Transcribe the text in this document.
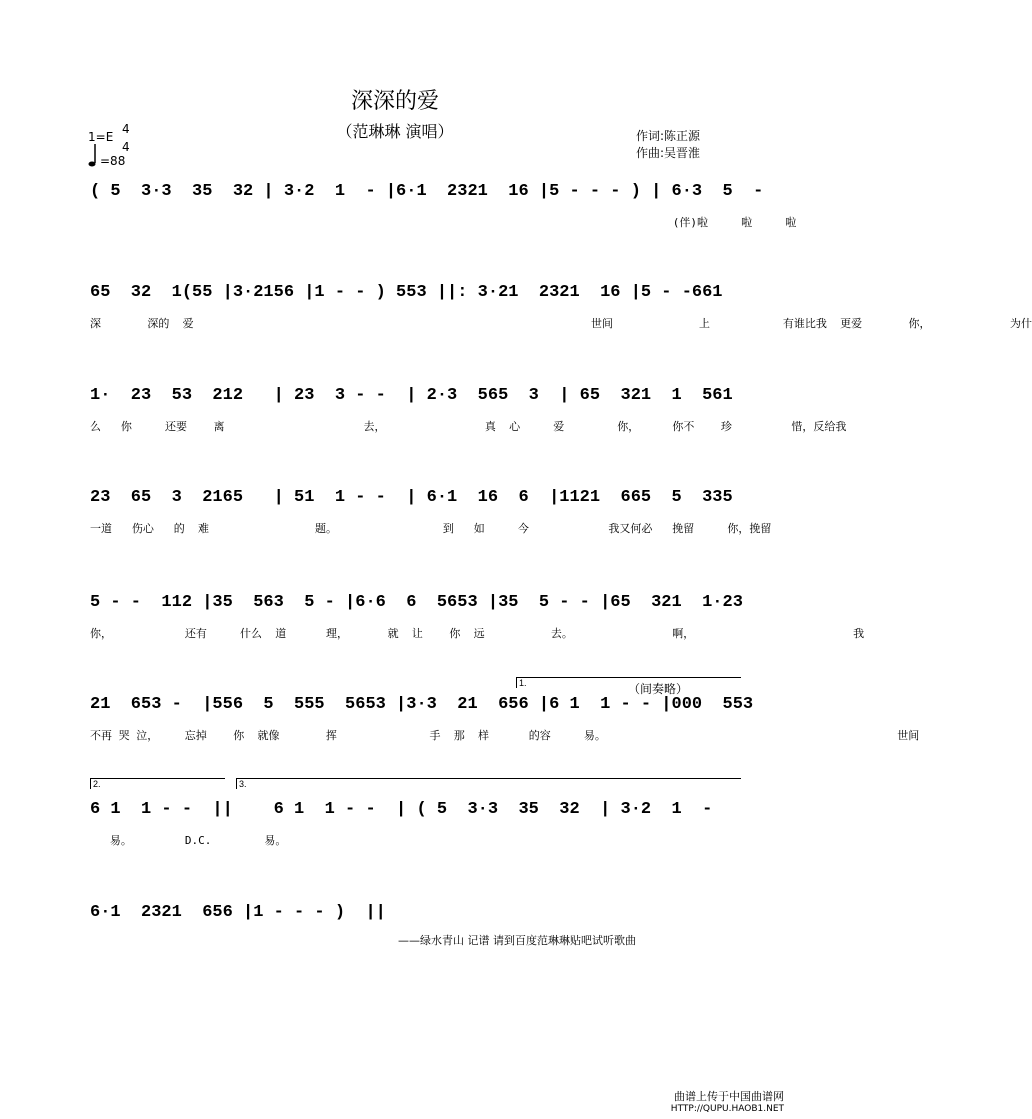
深深的爱
（范琳琳 演唱）	作词:陈正源
作曲:吴晋淮
1=E
4
4
=88
( 5  3·3  35  32 | 3·2  1  - |6·1  2321  16 |5 - - - ) | 6·3  5  -
(伴)啦     啦     啦
65  32  1(55 |3·2156 |1 - - ) 553 ||: 3·21  2321  16 |5 - -661
深       深的  爱                                                            世间             上           有谁比我  更爱       你，            为什
1·  23  53  212   | 23  3 - -  | 2·3  565  3  | 65  321  1  561
么   你     还要    离                     去，               真  心     爱        你，     你不    珍         惜，反给我
23  65  3  2165   | 51  1 - -  | 6·1  16  6  |1121  665  5  335
一道   伤心   的  难                题。                到   如     今            我又何必   挽留     你，挽留
5 - -  112 |35  563  5 - |6·6  6  5653 |35  5 - - |65  321  1·23
你，           还有     什么  道      理，      就  让    你  远          去。               啊，                        我
1.	（间奏略）
21  653 -  |556  5  555  5653 |3·3  21  656 |6 1  1 - - |000  553
不再 哭 泣，    忘掉    你  就像       挥              手  那  样      的容     易。                                            世间
2.	3.
6 1  1 - -  ||    6 1  1 - -  | ( 5  3·3  35  32  | 3·2  1  -
易。        D.C.        易。
6·1  2321  656 |1 - - - )  ||
——绿水青山 记谱 请到百度范琳琳贴吧试听歌曲
曲谱上传于中国曲谱网
HTTP://QUPU.HAOB1.NET
